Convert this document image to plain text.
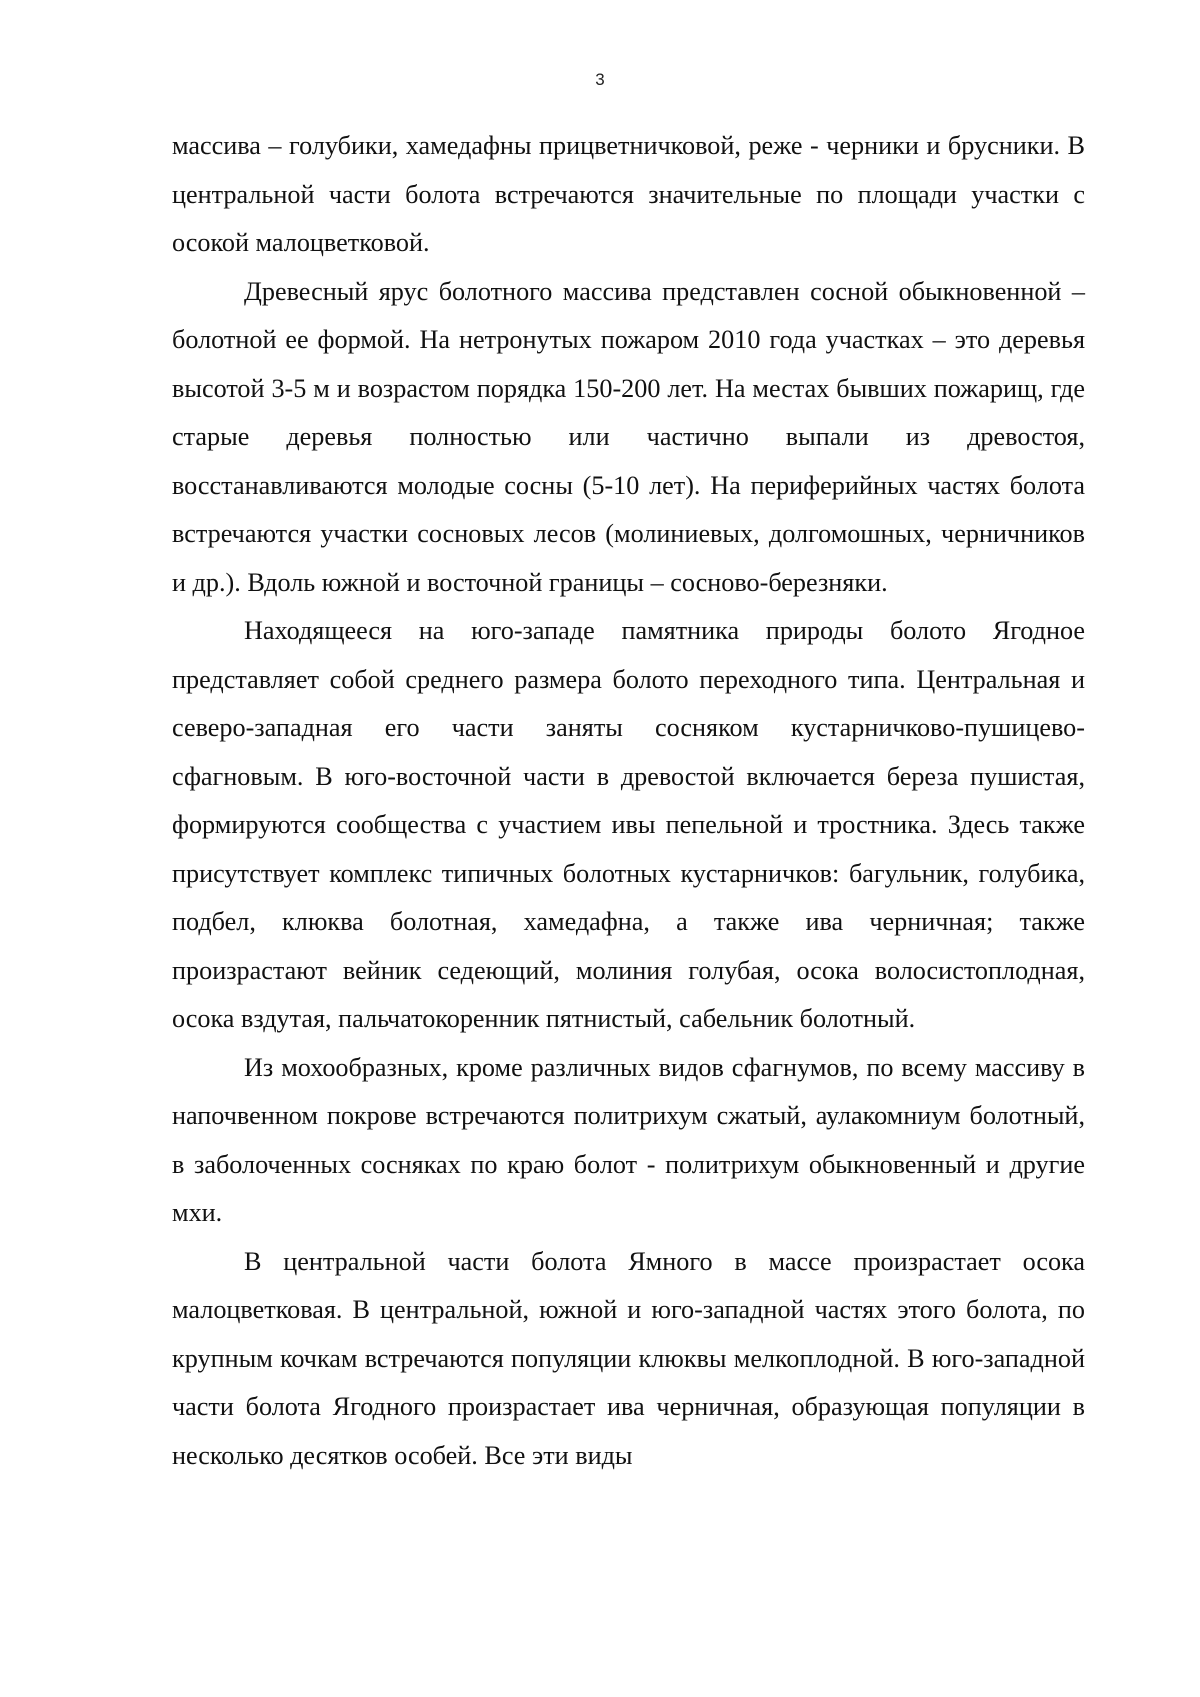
3

массива – голубики, хамедафны прицветничковой, реже - черники и брусники. В центральной части болота встречаются значительные по площади участки с осокой малоцветковой.

Древесный ярус болотного массива представлен сосной обыкновенной – болотной ее формой. На нетронутых пожаром 2010 года участках – это деревья высотой 3-5 м и возрастом порядка 150-200 лет. На местах бывших пожарищ, где старые деревья полностью или частично выпали из древостоя, восстанавливаются молодые сосны (5-10 лет). На периферийных частях болота встречаются участки сосновых лесов (молиниевых, долгомошных, черничников и др.). Вдоль южной и восточной границы – сосново-березняки.

Находящееся на юго-западе памятника природы болото Ягодное представляет собой среднего размера болото переходного типа. Центральная и северо-западная его части заняты сосняком кустарничково-пушицево-сфагновым. В юго-восточной части в древостой включается береза пушистая, формируются сообщества с участием ивы пепельной и тростника. Здесь также присутствует комплекс типичных болотных кустарничков: багульник, голубика, подбел, клюква болотная, хамедафна, а также ива черничная; также произрастают вейник седеющий, молиния голубая, осока волосистоплодная, осока вздутая, пальчатокоренник пятнистый, сабельник болотный.

Из мохообразных, кроме различных видов сфагнумов, по всему массиву в напочвенном покрове встречаются политрихум сжатый, аулакомниум болотный, в заболоченных сосняках по краю болот - политрихум обыкновенный и другие мхи.

В центральной части болота Ямного в массе произрастает осока малоцветковая. В центральной, южной и юго-западной частях этого болота, по крупным кочкам встречаются популяции клюквы мелкоплодной. В юго-западной части болота Ягодного произрастает ива черничная, образующая популяции в несколько десятков особей. Все эти виды
